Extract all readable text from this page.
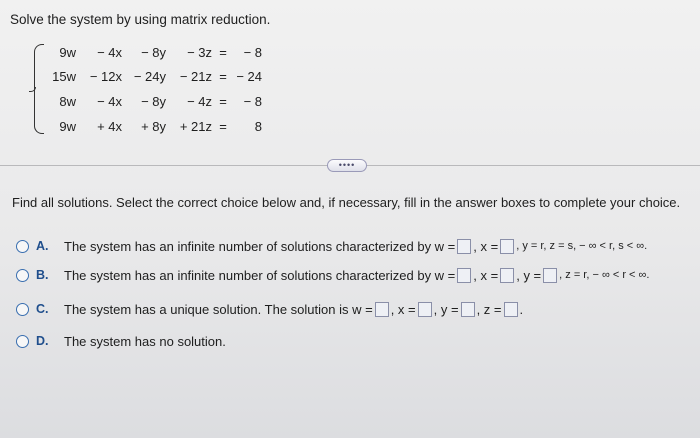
Solve the system by using matrix reduction.
9w	− 4x	− 8y	− 3z =	− 8
15w	− 12x − 24y	− 21z = − 24
8w	− 4x	− 8y	− 4z =	− 8
9w	+ 4x	+ 8y	+ 21z =	8
••••
Find all solutions. Select the correct choice below and, if necessary, fill in the answer boxes to complete your choice.
A.	The system has an infinite number of solutions characterized by w = , x = , y = r, z = s, − ∞ < r, s < ∞.
B.	The system has an infinite number of solutions characterized by w = , x = , y = , z = r, − ∞ < r < ∞.
C.	The system has a unique solution. The solution is w = , x = , y = , z = .
D.	The system has no solution.
